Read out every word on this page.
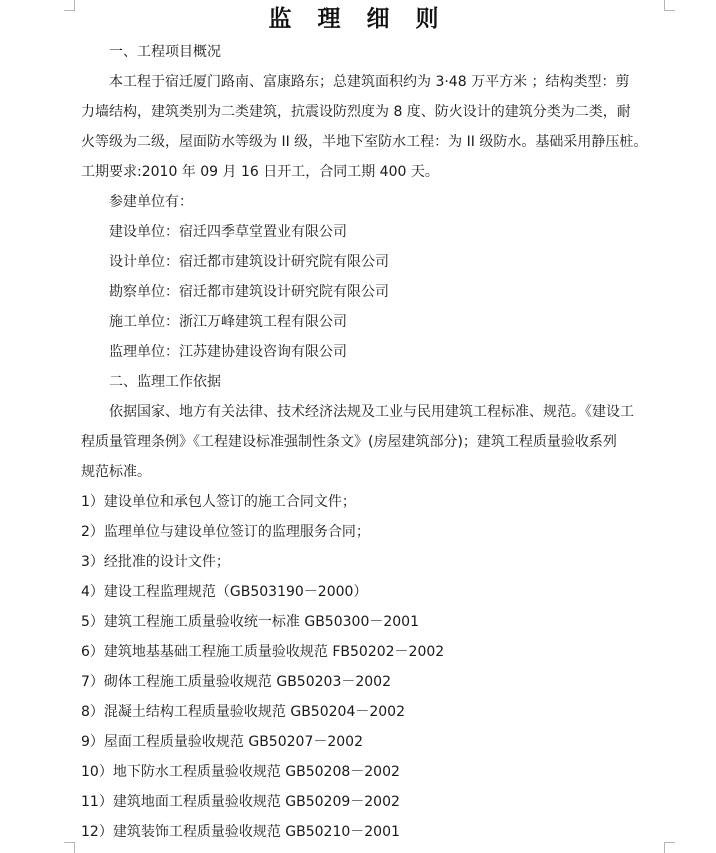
监 理 细 则

一、工程项目概况

本工程于宿迁厦门路南、富康路东；总建筑面积约为 3·48 万平方米 ；结构类型：剪

力墙结构，建筑类别为二类建筑，抗震设防烈度为 8 度、防火设计的建筑分类为二类，耐

火等级为二级，屋面防水等级为 II 级，半地下室防水工程：为 II 级防水。基础采用静压桩。

工期要求:2010 年 09 月 16 日开工，合同工期 400 天。

参建单位有：

建设单位：宿迁四季草堂置业有限公司

设计单位：宿迁都市建筑设计研究院有限公司

勘察单位：宿迁都市建筑设计研究院有限公司

施工单位：浙江万峰建筑工程有限公司

监理单位：江苏建协建设咨询有限公司

二、监理工作依据

依据国家、地方有关法律、技术经济法规及工业与民用建筑工程标准、规范。《建设工

程质量管理条例》《工程建设标准强制性条文》(房屋建筑部分)；建筑工程质量验收系列

规范标准。

1）建设单位和承包人签订的施工合同文件；

2）监理单位与建设单位签订的监理服务合同；

3）经批准的设计文件；

4）建设工程监理规范（GB503190－2000）

5）建筑工程施工质量验收统一标准 GB50300－2001

6）建筑地基基础工程施工质量验收规范 FB50202－2002

7）砌体工程施工质量验收规范 GB50203－2002

8）混凝土结构工程质量验收规范 GB50204－2002

9）屋面工程质量验收规范 GB50207－2002

10）地下防水工程质量验收规范 GB50208－2002

11）建筑地面工程质量验收规范 GB50209－2002

12）建筑装饰工程质量验收规范 GB50210－2001
